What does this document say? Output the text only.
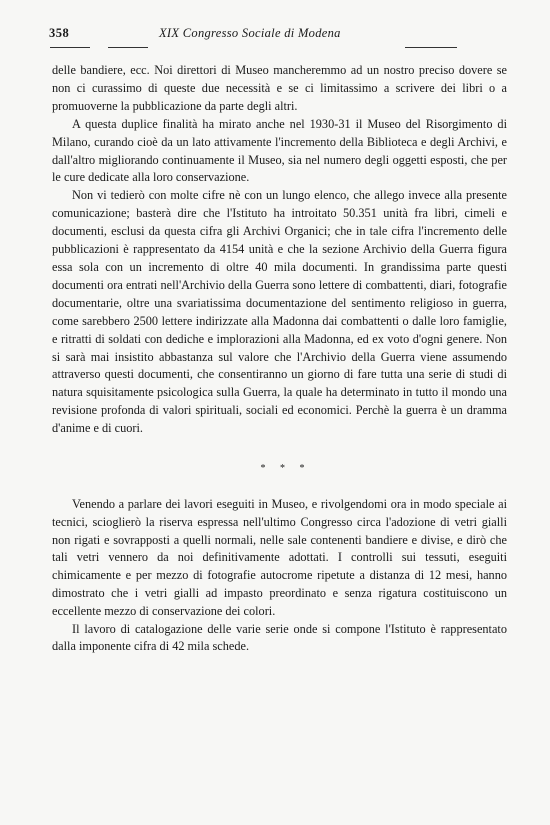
358	XIX Congresso Sociale di Modena

delle bandiere, ecc. Noi direttori di Museo mancheremmo ad un nostro preciso dovere se non ci curassimo di queste due necessità e se ci limitassimo a scrivere dei libri o a promuoverne la pubblicazione da parte degli altri.

A questa duplice finalità ha mirato anche nel 1930-31 il Museo del Risorgimento di Milano, curando cioè da un lato attivamente l'incremento della Biblioteca e degli Archivi, e dall'altro migliorando continuamente il Museo, sia nel numero degli oggetti esposti, che per le cure dedicate alla loro conservazione.

Non vi tedierò con molte cifre nè con un lungo elenco, che allego invece alla presente comunicazione; basterà dire che l'Istituto ha introitato 50.351 unità fra libri, cimeli e documenti, esclusi da questa cifra gli Archivi Organici; che in tale cifra l'incremento delle pubblicazioni è rappresentato da 4154 unità e che la sezione Archivio della Guerra figura essa sola con un incremento di oltre 40 mila documenti. In grandissima parte questi documenti ora entrati nell'Archivio della Guerra sono lettere di combattenti, diari, fotografie documentarie, oltre una svariatissima documentazione del sentimento religioso in guerra, come sarebbero 2500 lettere indirizzate alla Madonna dai combattenti o dalle loro famiglie, e ritratti di soldati con dediche e implorazioni alla Madonna, ed ex voto d'ogni genere. Non si sarà mai insistito abbastanza sul valore che l'Archivio della Guerra viene assumendo attraverso questi documenti, che consentiranno un giorno di fare tutta una serie di studi di natura squisitamente psicologica sulla Guerra, la quale ha determinato in tutto il mondo una revisione profonda di valori spirituali, sociali ed economici. Perchè la guerra è un dramma d'anime e di cuori.

* * *

Venendo a parlare dei lavori eseguiti in Museo, e rivolgendomi ora in modo speciale ai tecnici, scioglierò la riserva espressa nell'ultimo Congresso circa l'adozione di vetri gialli non rigati e sovrapposti a quelli normali, nelle sale contenenti bandiere e divise, e dirò che tali vetri vennero da noi definitivamente adottati. I controlli sui tessuti, eseguiti chimicamente e per mezzo di fotografie autocrome ripetute a distanza di 12 mesi, hanno dimostrato che i vetri gialli ad impasto preordinato e senza rigatura costituiscono un eccellente mezzo di conservazione dei colori.

Il lavoro di catalogazione delle varie serie onde si compone l'Istituto è rappresentato dalla imponente cifra di 42 mila schede.
